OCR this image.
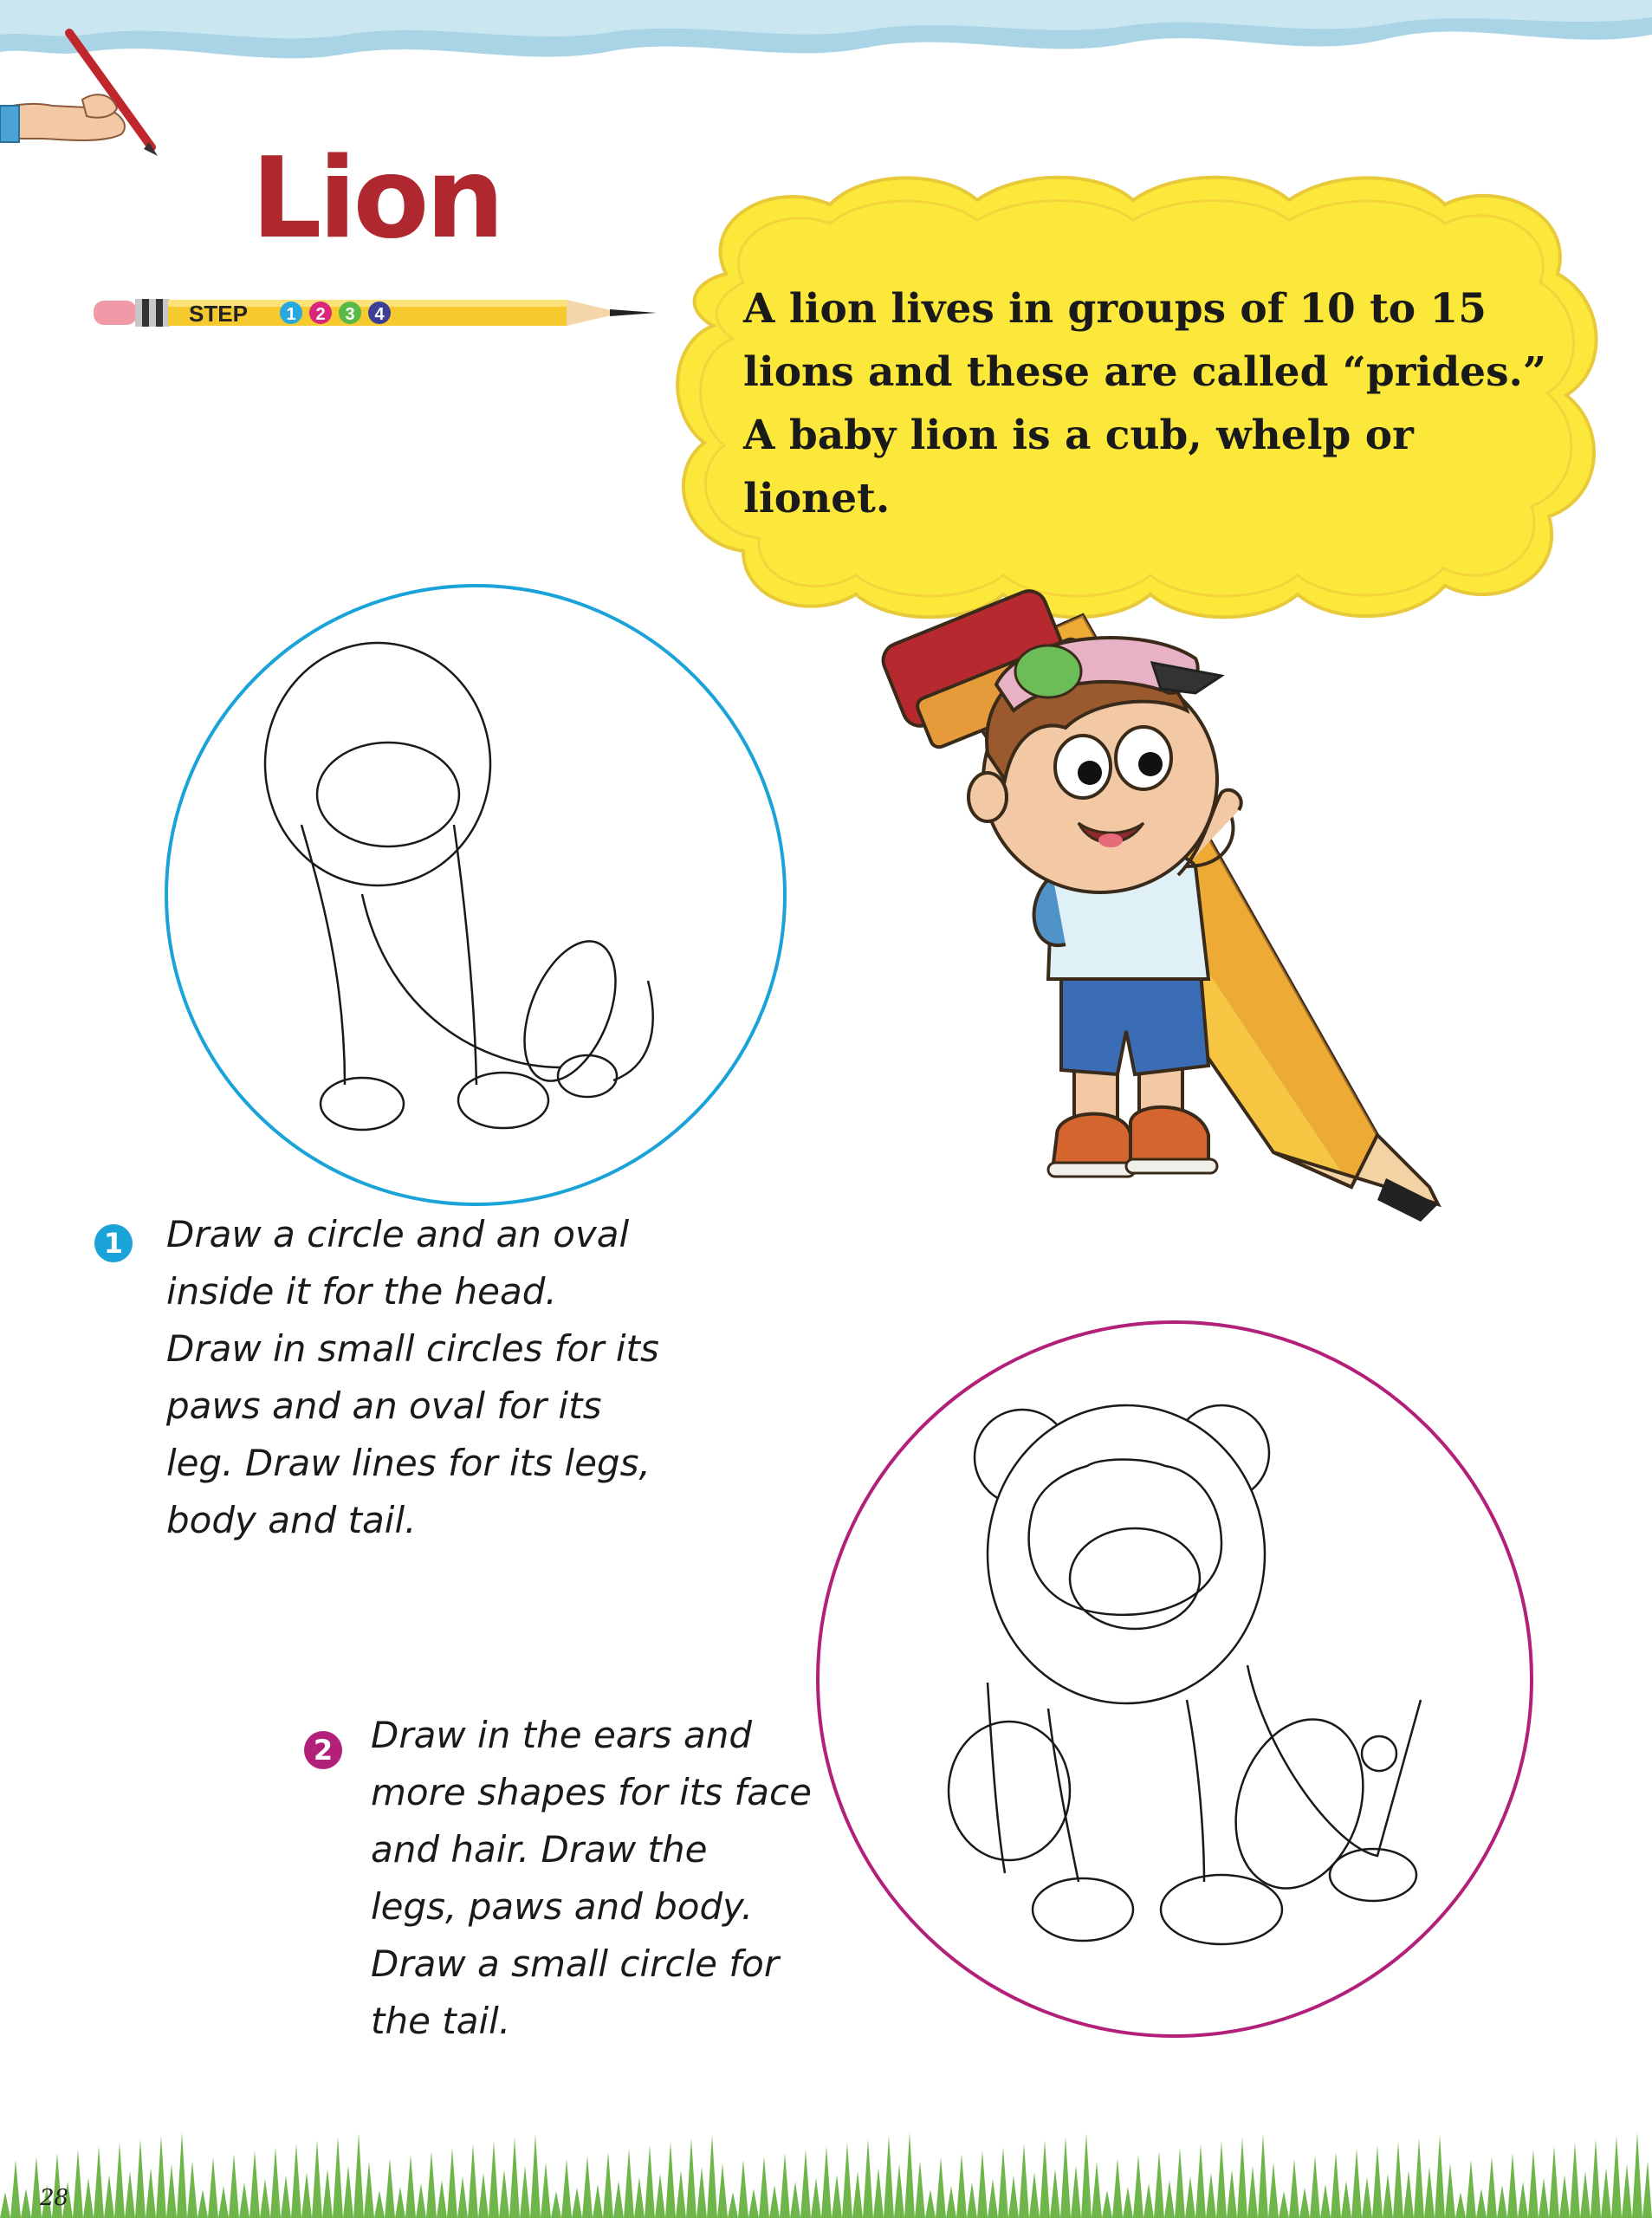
Lion
STEP 1 2 3 4	A lion lives in groups of 10 to 15 lions and these are called “prides.” A baby lion is a cub, whelp or lionet.
1 Draw a circle and an oval
inside it for the head.
Draw in small circles for its
paws and an oval for its
leg. Draw lines for its legs,
body and tail.
2 Draw in the ears and
more shapes for its face
and hair. Draw the
legs, paws and body.
Draw a small circle for
the tail.
28
